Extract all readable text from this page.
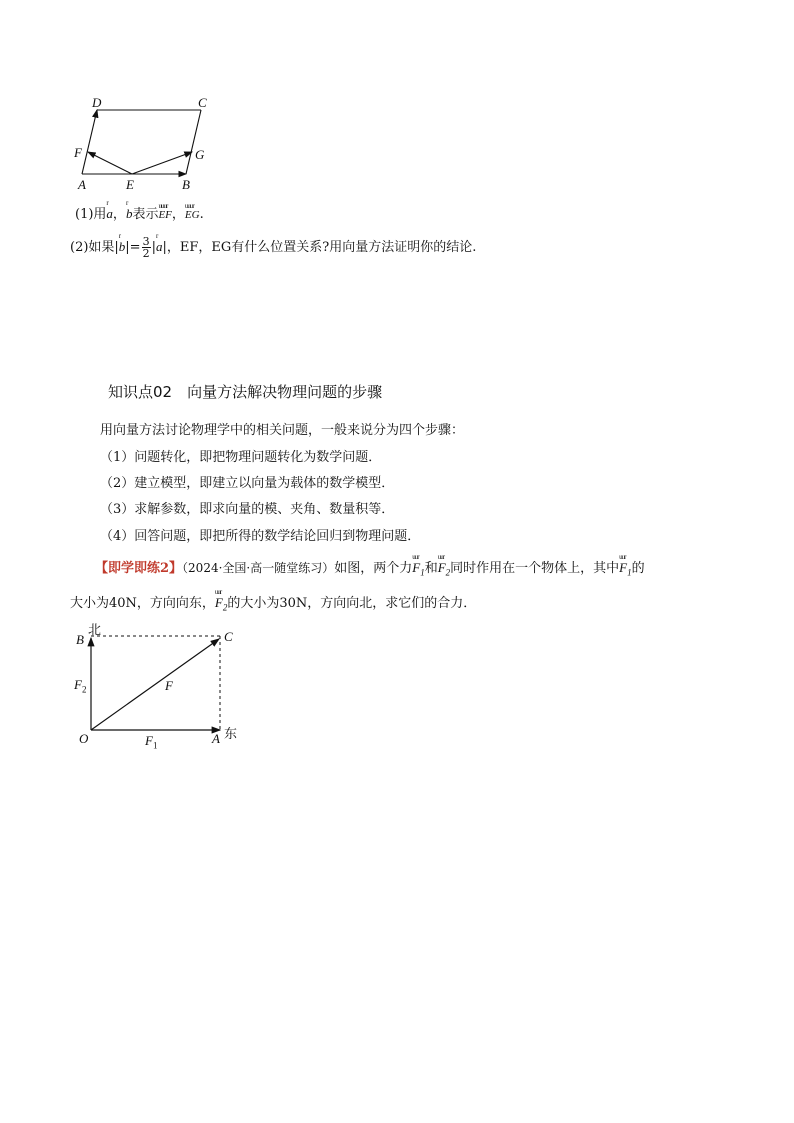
D	C
F	G
A	E	B
(1)用
r
a，
r
b表示
uuur
EF，
uuur
EG.
(2)如果|
r
$b|= \frac{3}{2}$ |
r
a|，EF，EG有什么位置关系?用向量方法证明你的结论.
知识点02　向量方法解决物理问题的步骤
用向量方法讨论物理学中的相关问题，一般来说分为四个步骤：
（1）问题转化，即把物理问题转化为数学问题．
（2）建立模型，即建立以向量为载体的数学模型．
（3）求解参数，即求向量的模、夹角、数量积等．
（4）回答问题，即把所得的数学结论回归到物理问题．
【即学即练2】（2024·全国·高一随堂练习）如图，两个力
uur
$F_1$和
uur
$F_2$同时作用在一个物体上，其中
uur
$F_1$的
大小为40N，方向向东，
uur
$F_2$的大小为30N，方向向北，求它们的合力．
北
B	C
$F_2$	F
O	$F_1$	A 东
